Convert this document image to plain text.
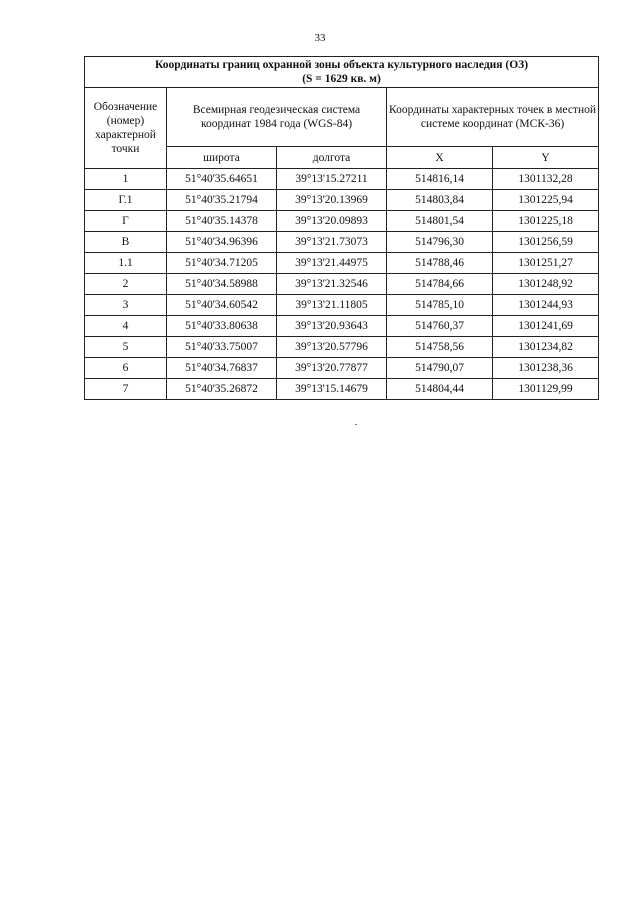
33
Координаты границ охранной зоны объекта культурного наследия (ОЗ)
(S = 1629 кв. м)				

Обозначение (номер) характерной точки	Всемирная геодезическая система координат 1984 года (WGS-84)		Координаты характерных точек в местной системе координат (МСК-36)	
	широта	долгота	X	Y
1	51°40'35.64651	39°13'15.27211	514816,14	1301132,28
Г.1	51°40'35.21794	39°13'20.13969	514803,84	1301225,94
Г	51°40'35.14378	39°13'20.09893	514801,54	1301225,18
В	51°40'34.96396	39°13'21.73073	514796,30	1301256,59
1.1	51°40'34.71205	39°13'21.44975	514788,46	1301251,27
2	51°40'34.58988	39°13'21.32546	514784,66	1301248,92
3	51°40'34.60542	39°13'21.11805	514785,10	1301244,93
4	51°40'33.80638	39°13'20.93643	514760,37	1301241,69
5	51°40'33.75007	39°13'20.57796	514758,56	1301234,82
6	51°40'34.76837	39°13'20.77877	514790,07	1301238,36
7	51°40'35.26872	39°13'15.14679	514804,44	1301129,99
